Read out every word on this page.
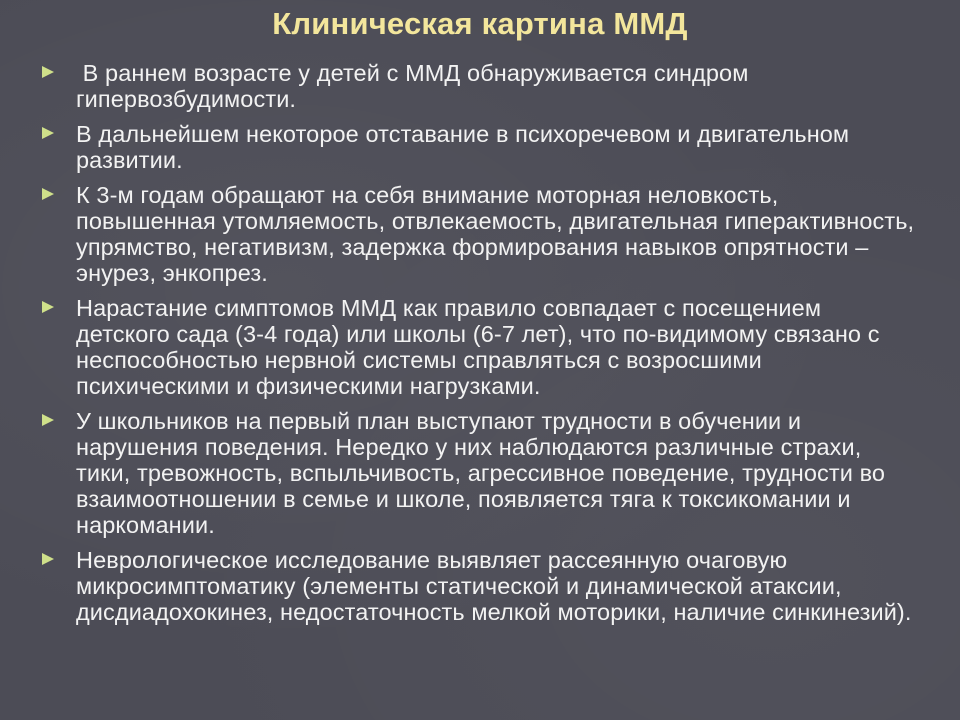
Клиническая картина ММД
В раннем возрасте у детей с ММД обнаруживается синдром гипервозбудимости.
В дальнейшем некоторое отставание в психоречевом и двигательном развитии.
К 3-м годам обращают на себя внимание моторная неловкость, повышенная утомляемость, отвлекаемость, двигательная гиперактивность, упрямство, негативизм, задержка формирования навыков опрятности – энурез, энкопрез.
Нарастание симптомов ММД как правило совпадает с посещением детского сада (3-4 года) или школы (6-7 лет), что по-видимому связано с неспособностью нервной системы справляться с возросшими психическими и физическими нагрузками.
У школьников на первый план выступают трудности в обучении и нарушения поведения. Нередко у них наблюдаются различные страхи, тики, тревожность, вспыльчивость, агрессивное поведение, трудности во взаимоотношении в семье и школе, появляется тяга к токсикомании и наркомании.
Неврологическое исследование выявляет рассеянную очаговую микросимптоматику (элементы статической и динамической атаксии, дисдиадохокинез, недостаточность мелкой моторики, наличие синкинезий).
